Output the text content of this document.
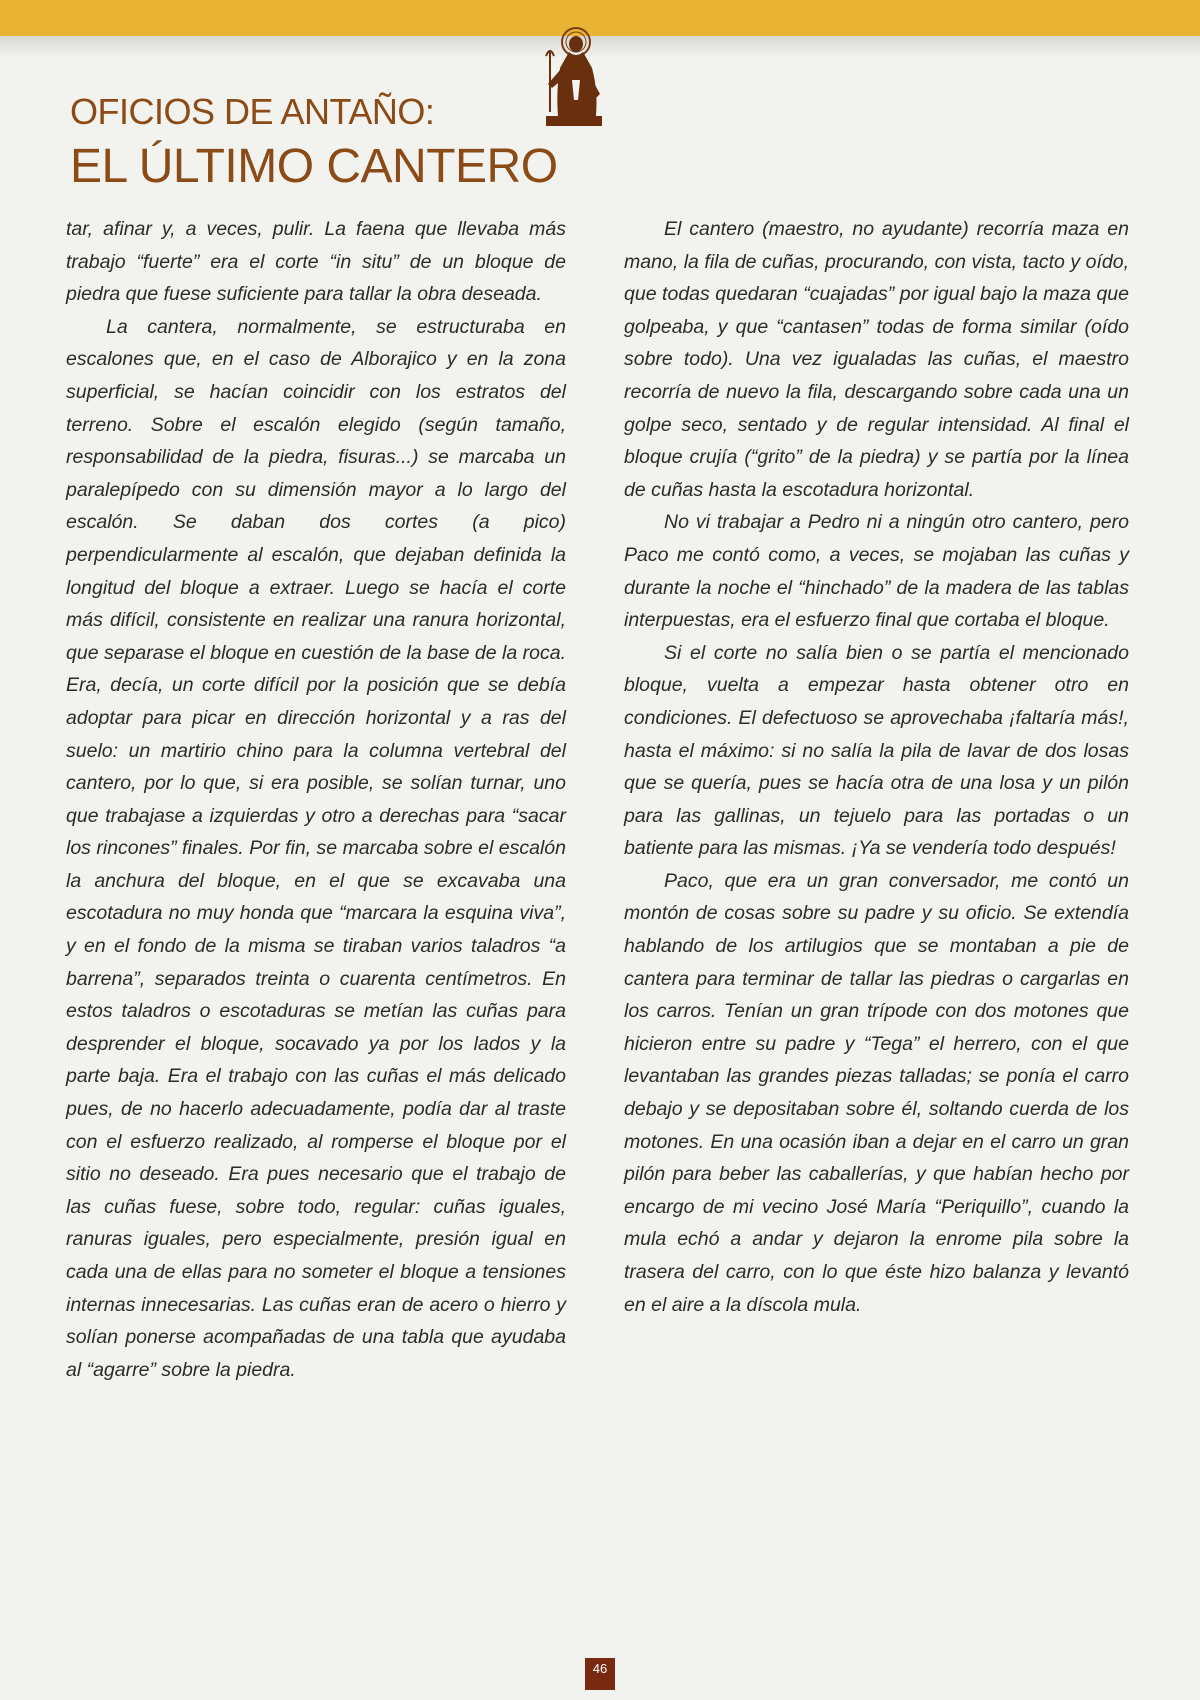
OFICIOS DE ANTAÑO:
EL ÚLTIMO CANTERO

tar, afinar y, a veces, pulir. La faena que llevaba más trabajo “fuerte” era el corte “in situ” de un bloque de piedra que fuese suficiente para tallar la obra deseada.

La cantera, normalmente, se estructuraba en escalones que, en el caso de Alborajico y en la zona superficial, se hacían coincidir con los estratos del terreno. Sobre el escalón elegido (según tamaño, responsabilidad de la piedra, fisuras...) se marcaba un paralepípedo con su dimensión mayor a lo largo del escalón. Se daban dos cortes (a pico) perpendicularmente al escalón, que dejaban definida la longitud del bloque a extraer. Luego se hacía el corte más difícil, consistente en realizar una ranura horizontal, que separase el bloque en cuestión de la base de la roca. Era, decía, un corte difícil por la posición que se debía adoptar para picar en dirección horizontal y a ras del suelo: un martirio chino para la columna vertebral del cantero, por lo que, si era posible, se solían turnar, uno que trabajase a izquierdas y otro a derechas para “sacar los rincones” finales. Por fin, se marcaba sobre el escalón la anchura del bloque, en el que se excavaba una escotadura no muy honda que “marcara la esquina viva”, y en el fondo de la misma se tiraban varios taladros “a barrena”, separados treinta o cuarenta centímetros. En estos taladros o escotaduras se metían las cuñas para desprender el bloque, socavado ya por los lados y la parte baja. Era el trabajo con las cuñas el más delicado pues, de no hacerlo adecuadamente, podía dar al traste con el esfuerzo realizado, al romperse el bloque por el sitio no deseado. Era pues necesario que el trabajo de las cuñas fuese, sobre todo, regular: cuñas iguales, ranuras iguales, pero especialmente, presión igual en cada una de ellas para no someter el bloque a tensiones internas innecesarias. Las cuñas eran de acero o hierro y solían ponerse acompañadas de una tabla que ayudaba al “agarre” sobre la piedra.

El cantero (maestro, no ayudante) recorría maza en mano, la fila de cuñas, procurando, con vista, tacto y oído, que todas quedaran “cuajadas” por igual bajo la maza que golpeaba, y que “cantasen” todas de forma similar (oído sobre todo). Una vez igualadas las cuñas, el maestro recorría de nuevo la fila, descargando sobre cada una un golpe seco, sentado y de regular intensidad. Al final el bloque crujía (“grito” de la piedra) y se partía por la línea de cuñas hasta la escotadura horizontal.

No vi trabajar a Pedro ni a ningún otro cantero, pero Paco me contó como, a veces, se mojaban las cuñas y durante la noche el “hinchado” de la madera de las tablas interpuestas, era el esfuerzo final que cortaba el bloque.

Si el corte no salía bien o se partía el mencionado bloque, vuelta a empezar hasta obtener otro en condiciones. El defectuoso se aprovechaba ¡faltaría más!, hasta el máximo: si no salía la pila de lavar de dos losas que se quería, pues se hacía otra de una losa y un pilón para las gallinas, un tejuelo para las portadas o un batiente para las mismas. ¡Ya se vendería todo después!

Paco, que era un gran conversador, me contó un montón de cosas sobre su padre y su oficio. Se extendía hablando de los artilugios que se montaban a pie de cantera para terminar de tallar las piedras o cargarlas en los carros. Tenían un gran trípode con dos motones que hicieron entre su padre y “Tega” el herrero, con el que levantaban las grandes piezas talladas; se ponía el carro debajo y se depositaban sobre él, soltando cuerda de los motones. En una ocasión iban a dejar en el carro un gran pilón para beber las caballerías, y que habían hecho por encargo de mi vecino José María “Periquillo”, cuando la mula echó a andar y dejaron la enrome pila sobre la trasera del carro, con lo que éste hizo balanza y levantó en el aire a la díscola mula.

46
